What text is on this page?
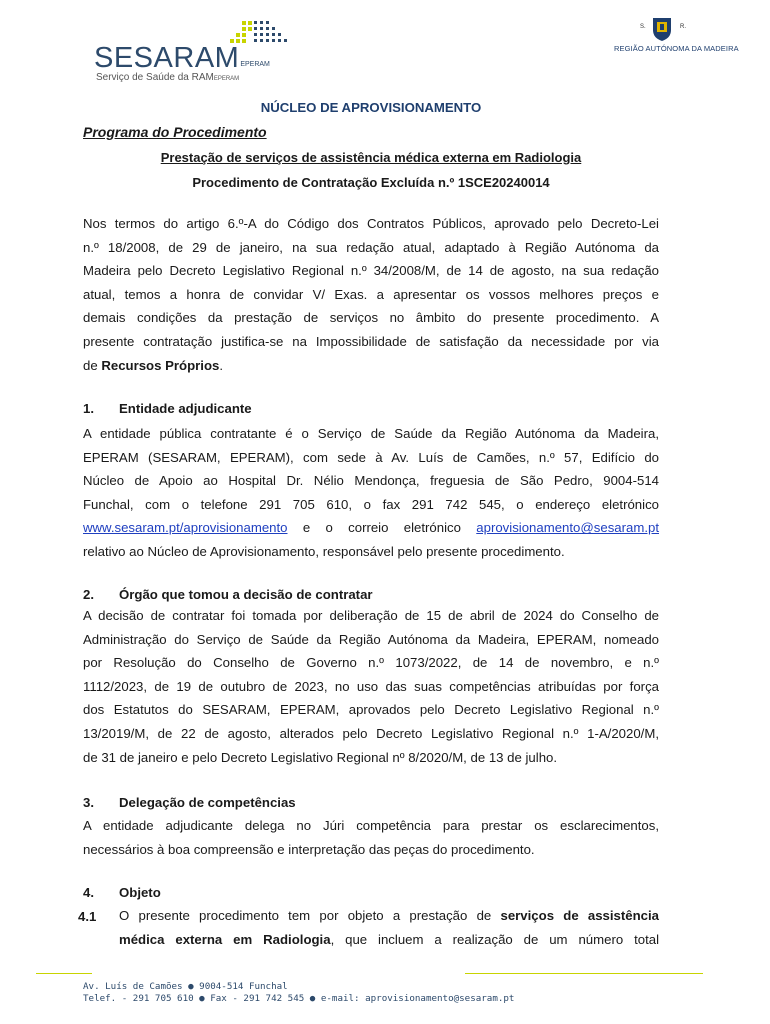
SESARAMEPERAM
Serviço de Saúde da RAMEPERAM
S.	R.
REGIÃO AUTÓNOMA DA MADEIRA
NÚCLEO DE APROVISIONAMENTO
Programa do Procedimento
Prestação de serviços de assistência médica externa em Radiologia
Procedimento de Contratação Excluída n.º 1SCE20240014
Nos termos do artigo 6.º-A do Código dos Contratos Públicos, aprovado pelo Decreto-Lei
n.º 18/2008, de 29 de janeiro, na sua redação atual, adaptado à Região Autónoma da
Madeira pelo Decreto Legislativo Regional n.º 34/2008/M, de 14 de agosto, na sua redação
atual, temos a honra de convidar V/ Exas. a apresentar os vossos melhores preços e
demais condições da prestação de serviços no âmbito do presente procedimento. A
presente contratação justifica-se na Impossibilidade de satisfação da necessidade por via
de Recursos Próprios.
1. Entidade adjudicante
A entidade pública contratante é o Serviço de Saúde da Região Autónoma da Madeira,
EPERAM (SESARAM, EPERAM), com sede à Av. Luís de Camões, n.º 57, Edifício do
Núcleo de Apoio ao Hospital Dr. Nélio Mendonça, freguesia de São Pedro, 9004-514
Funchal, com o telefone 291 705 610, o fax 291 742 545, o endereço eletrónico
www.sesaram.pt/aprovisionamento e o correio eletrónico aprovisionamento@sesaram.pt
relativo ao Núcleo de Aprovisionamento, responsável pelo presente procedimento.
2. Órgão que tomou a decisão de contratar
A decisão de contratar foi tomada por deliberação de 15 de abril de 2024 do Conselho de
Administração do Serviço de Saúde da Região Autónoma da Madeira, EPERAM, nomeado
por Resolução do Conselho de Governo n.º 1073/2022, de 14 de novembro, e n.º
1112/2023, de 19 de outubro de 2023, no uso das suas competências atribuídas por força
dos Estatutos do SESARAM, EPERAM, aprovados pelo Decreto Legislativo Regional n.º
13/2019/M, de 22 de agosto, alterados pelo Decreto Legislativo Regional n.º 1-A/2020/M,
de 31 de janeiro e pelo Decreto Legislativo Regional nº 8/2020/M, de 13 de julho.
3. Delegação de competências
A entidade adjudicante delega no Júri competência para prestar os esclarecimentos,
necessários à boa compreensão e interpretação das peças do procedimento.
4. Objeto
4.1 O presente procedimento tem por objeto a prestação de serviços de assistência
médica externa em Radiologia, que incluem a realização de um número total
Av. Luís de Camões ● 9004-514 Funchal
Telef. - 291 705 610 ● Fax - 291 742 545 ● e-mail: aprovisionamento@sesaram.pt
